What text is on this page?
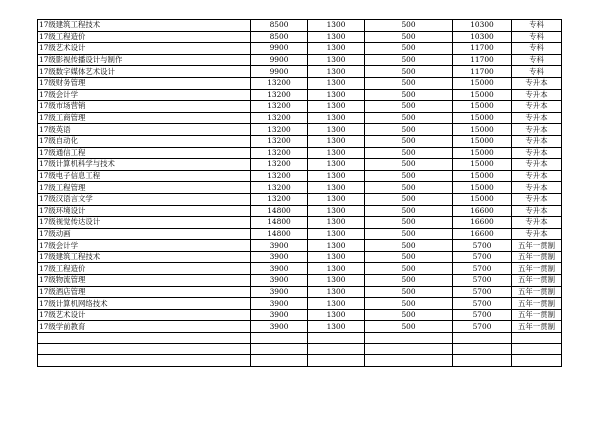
17级建筑工程技术	8500	1300	500	10300	专科
17级工程造价	8500	1300	500	10300	专科
17级艺术设计	9900	1300	500	11700	专科
17级影视传播设计与制作	9900	1300	500	11700	专科
17级数字媒体艺术设计	9900	1300	500	11700	专科
17级财务管理	13200	1300	500	15000	专升本
17级会计学	13200	1300	500	15000	专升本
17级市场营销	13200	1300	500	15000	专升本
17级工商管理	13200	1300	500	15000	专升本
17级英语	13200	1300	500	15000	专升本
17级自动化	13200	1300	500	15000	专升本
17级通信工程	13200	1300	500	15000	专升本
17级计算机科学与技术	13200	1300	500	15000	专升本
17级电子信息工程	13200	1300	500	15000	专升本
17级工程管理	13200	1300	500	15000	专升本
17级汉语言文学	13200	1300	500	15000	专升本
17级环境设计	14800	1300	500	16600	专升本
17级视觉传达设计	14800	1300	500	16600	专升本
17级动画	14800	1300	500	16600	专升本
17级会计学	3900	1300	500	5700	五年一贯制
17级建筑工程技术	3900	1300	500	5700	五年一贯制
17级工程造价	3900	1300	500	5700	五年一贯制
17级物流管理	3900	1300	500	5700	五年一贯制
17级酒店管理	3900	1300	500	5700	五年一贯制
17级计算机网络技术	3900	1300	500	5700	五年一贯制
17级艺术设计	3900	1300	500	5700	五年一贯制
17级学前教育	3900	1300	500	5700	五年一贯制
